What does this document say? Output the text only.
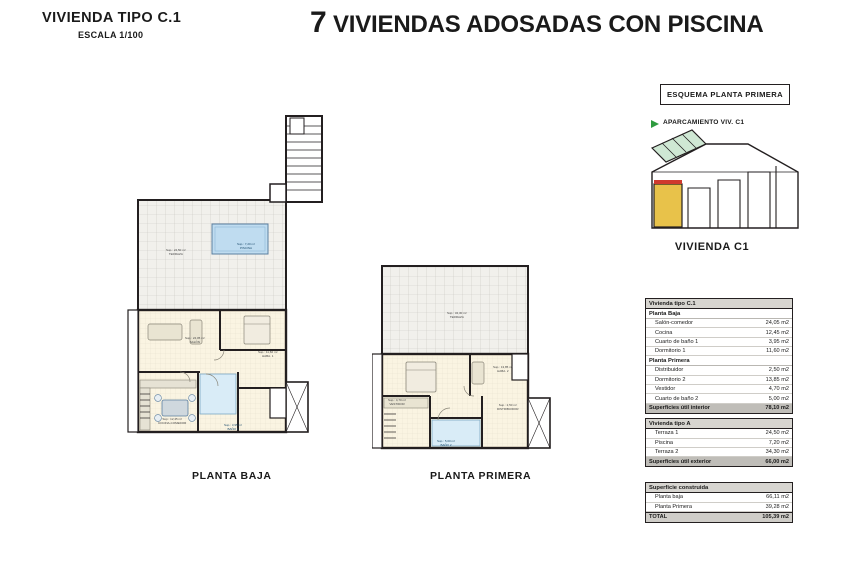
VIVIENDA TIPO C.1
ESCALA 1/100	7 VIVIENDAS ADOSADAS CON PISCINA
Sup.: 24,50 m²
TERRAZA
Sup.: 7,20 m²
PISCINA
Sup.: 24,05 m²
SALÓN
Sup.: 11,60 m²
HABA. 1
Sup.: 12,45 m²
COCINA-COMEDOR
Sup.: 3,95 m²
BAÑO 1
PLANTA BAJA
Sup.: 34,30 m²
TERRAZA
Sup.: 13,85 m²
HABA. 2
Sup.: 4,70 m²
VESTIDOR
Sup.: 5,00 m²
BAÑO 2
Sup.: 2,50 m²
DISTRIBUIDOR
PLANTA PRIMERA
ESQUEMA PLANTA PRIMERA
APARCAMIENTO VIV. C1
VIVIENDA C1
Vivienda tipo C.1
Planta Baja
Salón-comedor	24,05 m2
Cocina	12,45 m2
Cuarto de baño 1	3,95 m2
Dormitorio 1	11,60 m2
Planta Primera
Distribuidor	2,50 m2
Dormitorio 2	13,85 m2
Vestidor	4,70 m2
Cuarto de baño 2	5,00 m2
Superficies útil interior	78,10 m2
Vivienda tipo A
Terraza 1	24,50 m2
Piscina	7,20 m2
Terraza 2	34,30 m2
Superficies útil exterior	66,00 m2
Superficie construida
Planta baja	66,11 m2
Planta Primera	39,28 m2
TOTAL	105,39 m2
